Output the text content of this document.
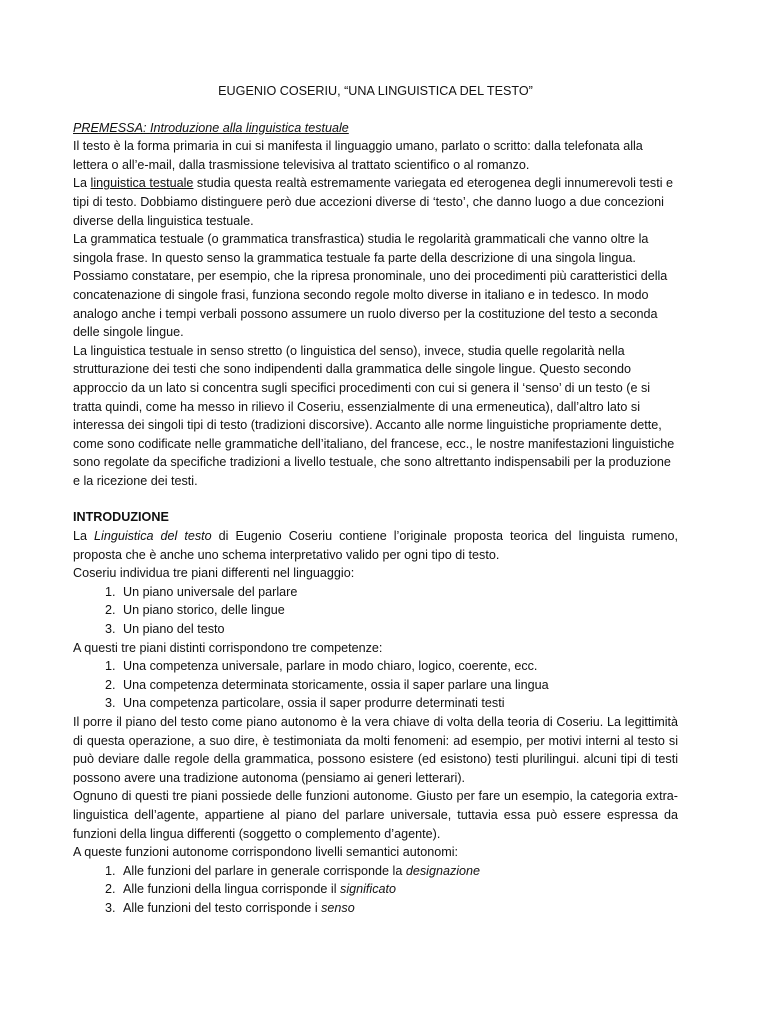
EUGENIO COSERIU, “UNA LINGUISTICA DEL TESTO”

PREMESSA: Introduzione alla linguistica testuale

Il testo è la forma primaria in cui si manifesta il linguaggio umano, parlato o scritto: dalla telefonata alla lettera o all’e-mail, dalla trasmissione televisiva al trattato scientifico o al romanzo.

La linguistica testuale studia questa realtà estremamente variegata ed eterogenea degli innumerevoli testi e tipi di testo. Dobbiamo distinguere però due accezioni diverse di ‘testo’, che danno luogo a due concezioni diverse della linguistica testuale.

La grammatica testuale (o grammatica transfrastica) studia le regolarità grammaticali che vanno oltre la singola frase. In questo senso la grammatica testuale fa parte della descrizione di una singola lingua. Possiamo constatare, per esempio, che la ripresa pronominale, uno dei procedimenti più caratteristici della concatenazione di singole frasi, funziona secondo regole molto diverse in italiano e in tedesco. In modo analogo anche i tempi verbali possono assumere un ruolo diverso per la costituzione del testo a seconda delle singole lingue.

La linguistica testuale in senso stretto (o linguistica del senso), invece, studia quelle regolarità nella strutturazione dei testi che sono indipendenti dalla grammatica delle singole lingue. Questo secondo approccio da un lato si concentra sugli specifici procedimenti con cui si genera il ‘senso’ di un testo (e si tratta quindi, come ha messo in rilievo il Coseriu, essenzialmente di una ermeneutica), dall’altro lato si interessa dei singoli tipi di testo (tradizioni discorsive). Accanto alle norme linguistiche propriamente dette, come sono codificate nelle grammatiche dell’italiano, del francese, ecc., le nostre manifestazioni linguistiche sono regolate da specifiche tradizioni a livello testuale, che sono altrettanto indispensabili per la produzione e la ricezione dei testi.

INTRODUZIONE

La Linguistica del testo di Eugenio Coseriu contiene l’originale proposta teorica del linguista rumeno, proposta che è anche uno schema interpretativo valido per ogni tipo di testo.

Coseriu individua tre piani differenti nel linguaggio:

1. Un piano universale del parlare
2. Un piano storico, delle lingue
3. Un piano del testo

A questi tre piani distinti corrispondono tre competenze:

1. Una competenza universale, parlare in modo chiaro, logico, coerente, ecc.
2. Una competenza determinata storicamente, ossia il saper parlare una lingua
3. Una competenza particolare, ossia il saper produrre determinati testi

Il porre il piano del testo come piano autonomo è la vera chiave di volta della teoria di Coseriu. La legittimità di questa operazione, a suo dire, è testimoniata da molti fenomeni: ad esempio, per motivi interni al testo si può deviare dalle regole della grammatica, possono esistere (ed esistono) testi plurilingui. alcuni tipi di testi possono avere una tradizione autonoma (pensiamo ai generi letterari).

Ognuno di questi tre piani possiede delle funzioni autonome. Giusto per fare un esempio, la categoria extra-linguistica dell’agente, appartiene al piano del parlare universale, tuttavia essa può essere espressa da funzioni della lingua differenti (soggetto o complemento d’agente).

A queste funzioni autonome corrispondono livelli semantici autonomi:

1. Alle funzioni del parlare in generale corrisponde la designazione
2. Alle funzioni della lingua corrisponde il significato
3. Alle funzioni del testo corrisponde i senso
